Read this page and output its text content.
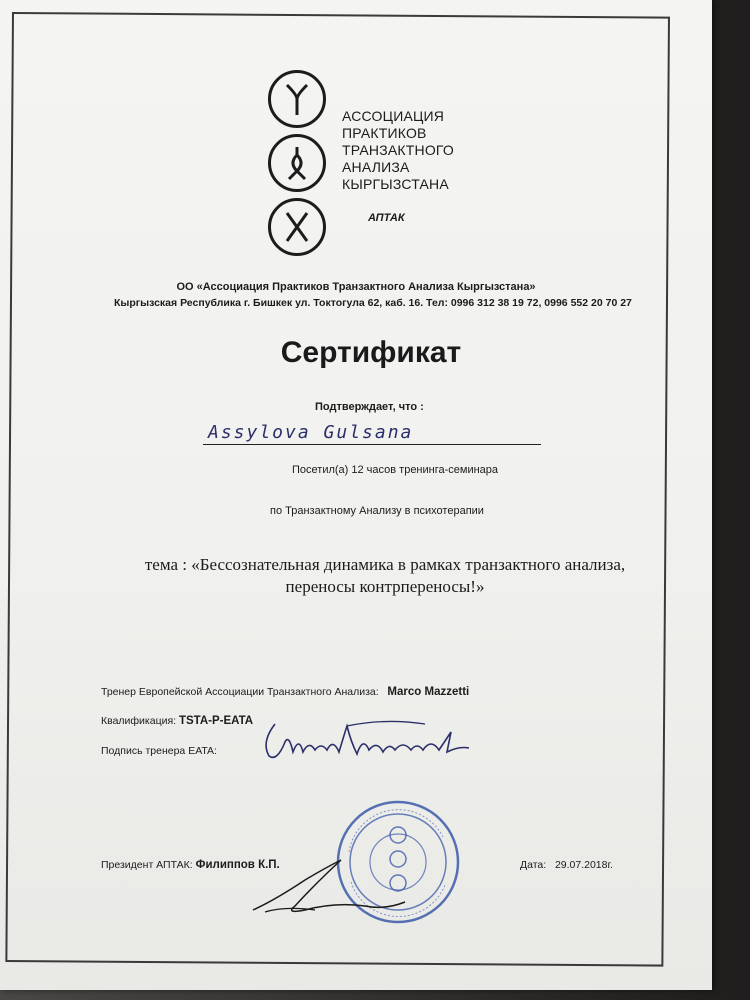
АССОЦИАЦИЯ
ПРАКТИКОВ
ТРАНЗАКТНОГО
АНАЛИЗА
КЫРГЫЗСТАНА
АПТАК
ОО «Ассоциация Практиков Транзактного Анализа Кыргызстана»
Кыргызская Республика г. Бишкек ул. Токтогула 62, каб. 16. Тел: 0996 312 38 19 72, 0996 552 20 70 27
Сертификат
Подтверждает, что :
Assylova Gulsana
Посетил(а) 12 часов тренинга-семинара
по Транзактному Анализу в психотерапии
тема : «Бессознательная динамика в рамках транзактного анализа,
переносы контрпереносы!»
Тренер Европейской Ассоциации Транзактного Анализа: Marco Mazzetti
Квалификация: TSTA-P-EATA
Подпись тренера EATA:
Президент АПТАК: Филиппов К.П.	Дата: 29.07.2018г.
